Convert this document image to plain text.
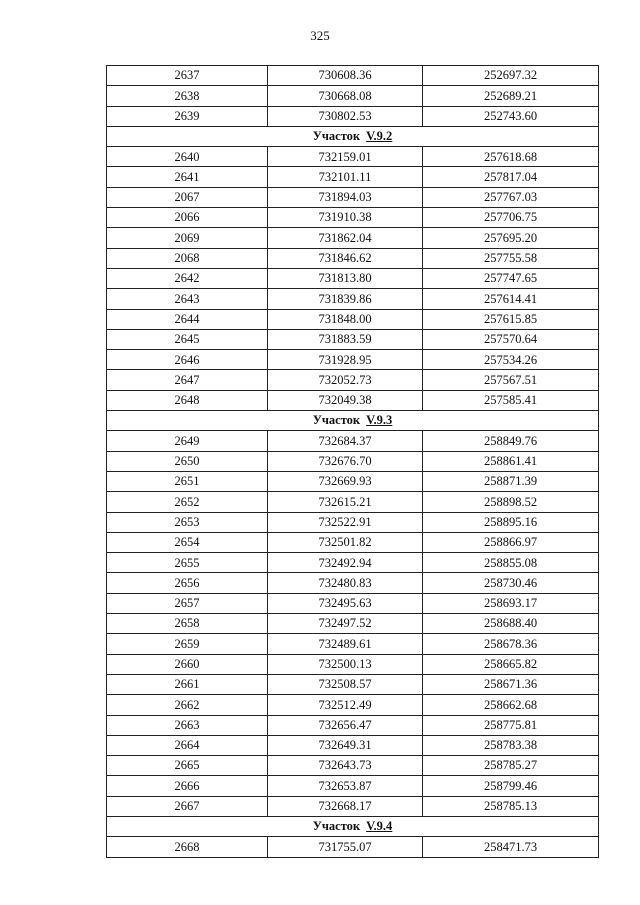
325
2637	730608.36	252697.32
2638	730668.08	252689.21
2639	730802.53	252743.60
Участок V.9.2		
2640	732159.01	257618.68
2641	732101.11	257817.04
2067	731894.03	257767.03
2066	731910.38	257706.75
2069	731862.04	257695.20
2068	731846.62	257755.58
2642	731813.80	257747.65
2643	731839.86	257614.41
2644	731848.00	257615.85
2645	731883.59	257570.64
2646	731928.95	257534.26
2647	732052.73	257567.51
2648	732049.38	257585.41
Участок V.9.3		
2649	732684.37	258849.76
2650	732676.70	258861.41
2651	732669.93	258871.39
2652	732615.21	258898.52
2653	732522.91	258895.16
2654	732501.82	258866.97
2655	732492.94	258855.08
2656	732480.83	258730.46
2657	732495.63	258693.17
2658	732497.52	258688.40
2659	732489.61	258678.36
2660	732500.13	258665.82
2661	732508.57	258671.36
2662	732512.49	258662.68
2663	732656.47	258775.81
2664	732649.31	258783.38
2665	732643.73	258785.27
2666	732653.87	258799.46
2667	732668.17	258785.13
Участок V.9.4		
2668	731755.07	258471.73
